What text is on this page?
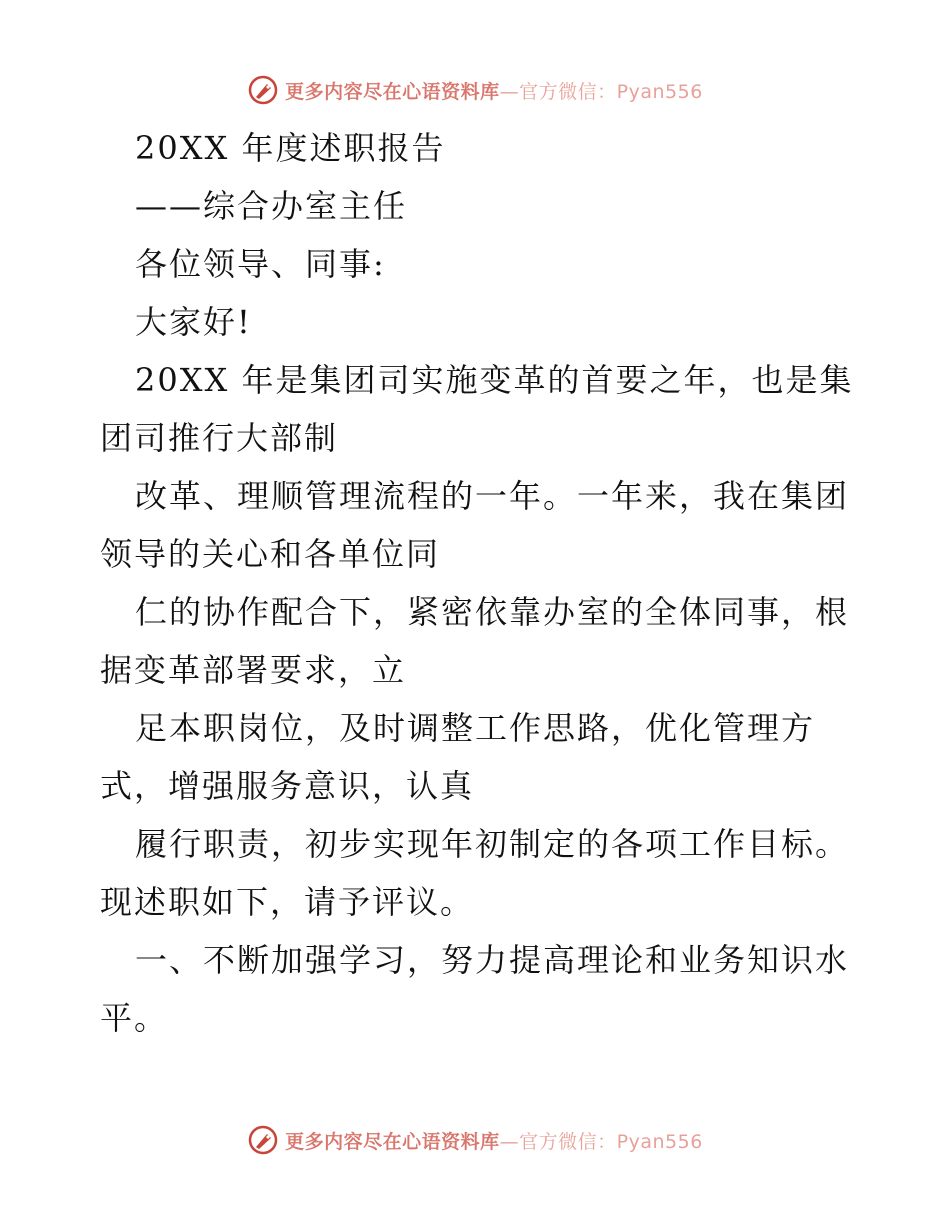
更多内容尽在心语资料库—官方微信：Pyan556
20XX 年度述职报告
——综合办室主任
各位领导、同事:
大家好!
20XX 年是集团司实施变革的首要之年，也是集
团司推行大部制
改革、理顺管理流程的一年。一年来，我在集团
领导的关心和各单位同
仁的协作配合下，紧密依靠办室的全体同事，根
据变革部署要求，立
足本职岗位，及时调整工作思路，优化管理方
式，增强服务意识，认真
履行职责，初步实现年初制定的各项工作目标。
现述职如下，请予评议。
一、不断加强学习，努力提高理论和业务知识水
平。
更多内容尽在心语资料库—官方微信：Pyan556
